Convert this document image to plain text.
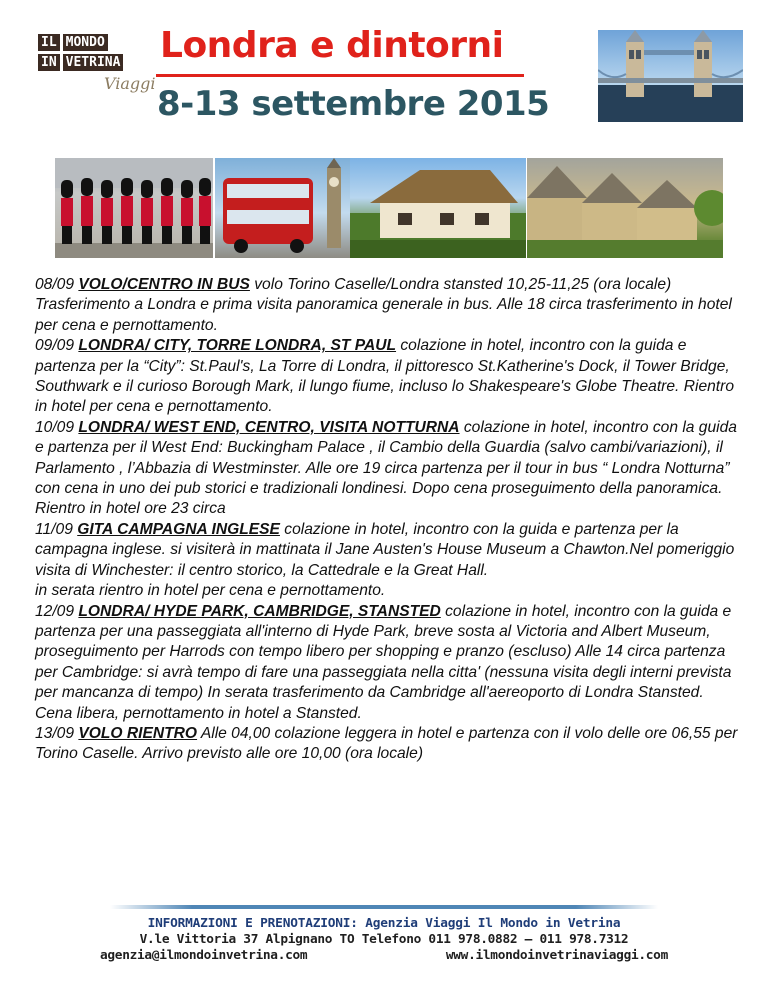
IL MONDO
IN VETRINA
Viaggi
Londra e dintorni
8-13 settembre 2015

08/09 VOLO/CENTRO IN BUS volo Torino Caselle/Londra stansted 10,25-11,25 (ora locale) Trasferimento a Londra e prima visita panoramica generale in bus. Alle 18 circa trasferimento in hotel per cena e pernottamento.

09/09 LONDRA/ CITY, TORRE LONDRA, ST PAUL colazione in hotel, incontro con la guida e partenza per la “City”: St.Paul's, La Torre di Londra, il pittoresco St.Katherine's Dock, il Tower Bridge, Southwark e il curioso Borough Mark, il lungo fiume, incluso lo Shakespeare's Globe Theatre. Rientro in hotel per cena e pernottamento.

10/09 LONDRA/ WEST END, CENTRO, VISITA NOTTURNA colazione in hotel, incontro con la guida e partenza per il West End: Buckingham Palace , il Cambio della Guardia (salvo cambi/variazioni), il Parlamento , l’Abbazia di Westminster. Alle ore 19 circa partenza per il tour in bus “ Londra Notturna” con cena in uno dei pub storici e tradizionali londinesi. Dopo cena proseguimento della panoramica. Rientro in hotel ore 23 circa

11/09 GITA CAMPAGNA INGLESE colazione in hotel, incontro con la guida e partenza per la campagna inglese. si visiterà in mattinata il Jane Austen's House Museum a Chawton.Nel pomeriggio visita di Winchester: il centro storico, la Cattedrale e la Great Hall.

in serata rientro in hotel per cena e pernottamento.

12/09 LONDRA/ HYDE PARK, CAMBRIDGE, STANSTED colazione in hotel, incontro con la guida e partenza per una passeggiata all'interno di Hyde Park, breve sosta al Victoria and Albert Museum, proseguimento per Harrods con tempo libero per shopping e pranzo (escluso) Alle 14 circa partenza per Cambridge: si avrà tempo di fare una passeggiata nella citta' (nessuna visita degli interni prevista per mancanza di tempo) In serata trasferimento da Cambridge all'aereoporto di Londra Stansted. Cena libera, pernottamento in hotel a Stansted.

13/09 VOLO RIENTRO Alle 04,00 colazione leggera in hotel e partenza con il volo delle ore 06,55 per Torino Caselle. Arrivo previsto alle ore 10,00 (ora locale)

INFORMAZIONI E PRENOTAZIONI: Agenzia Viaggi Il Mondo in Vetrina
V.le Vittoria 37 Alpignano TO Telefono 011 978.0882 – 011 978.7312
agenzia@ilmondoinvetrina.com	www.ilmondoinvetrinaviaggi.com
